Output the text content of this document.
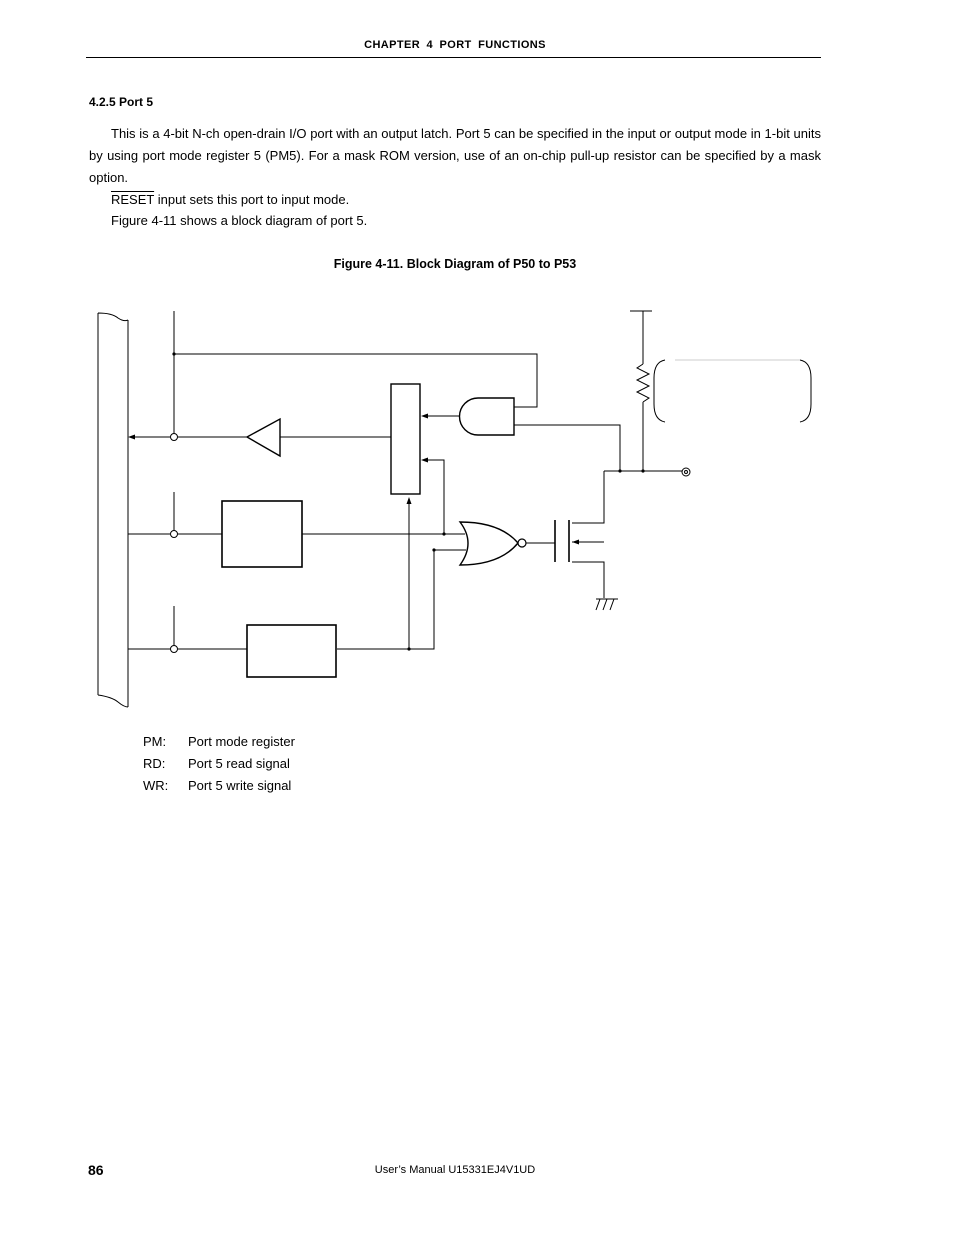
CHAPTER 4 PORT FUNCTIONS
4.2.5 Port 5
This is a 4-bit N-ch open-drain I/O port with an output latch. Port 5 can be specified in the input or output mode in 1-bit units by using port mode register 5 (PM5). For a mask ROM version, use of an on-chip pull-up resistor can be specified by a mask option.
RESET input sets this port to input mode.
Figure 4-11 shows a block diagram of port 5.
Figure 4-11. Block Diagram of P50 to P53
PM:	Port mode register
RD:	Port 5 read signal
WR:	Port 5 write signal
86	User’s Manual U15331EJ4V1UD
